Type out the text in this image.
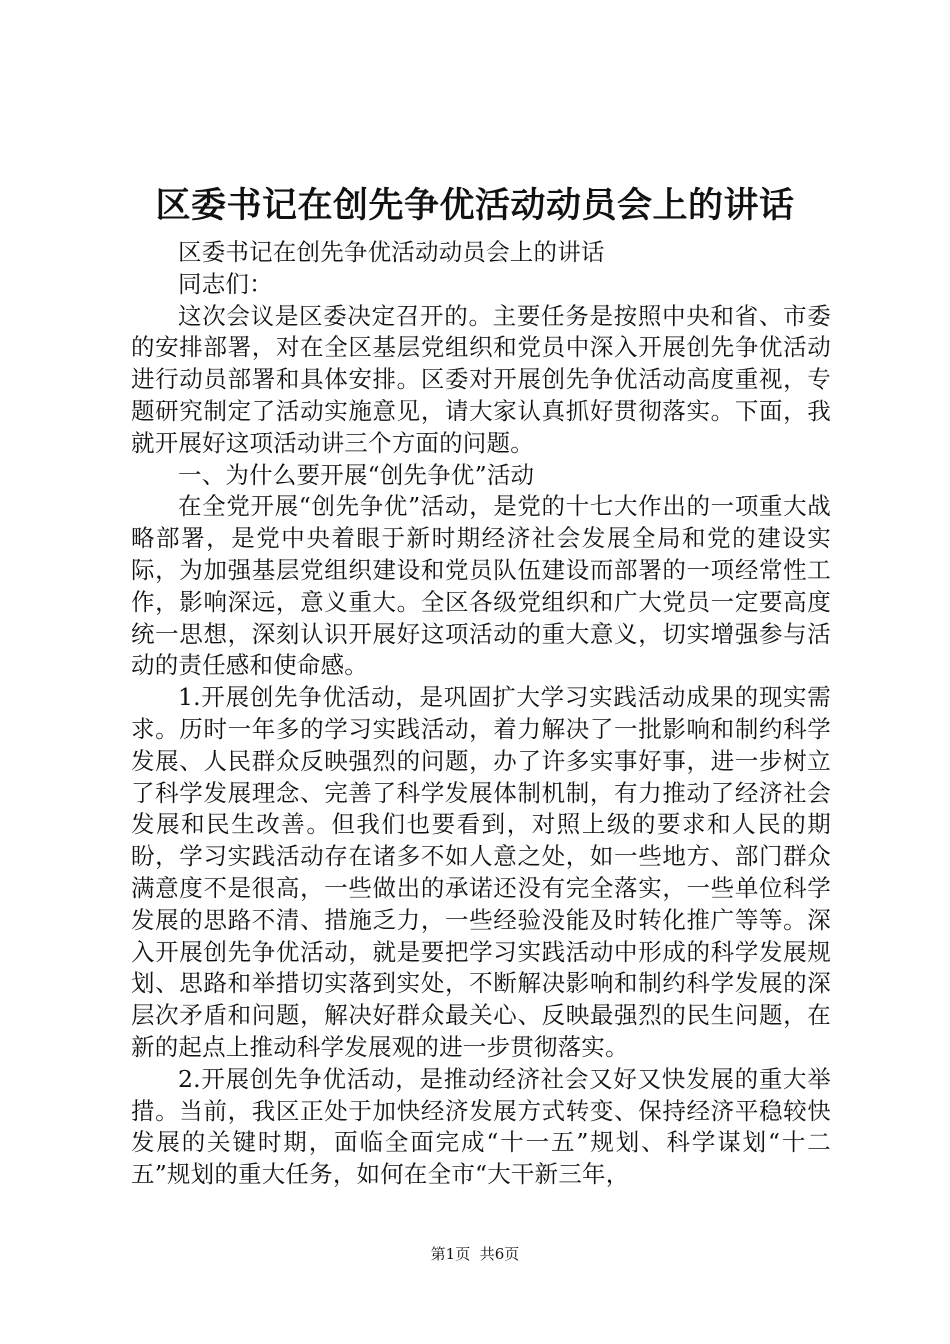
区委书记在创先争优活动动员会上的讲话

区委书记在创先争优活动动员会上的讲话

同志们：

这次会议是区委决定召开的。主要任务是按照中央和省、市委的安排部署，对在全区基层党组织和党员中深入开展创先争优活动进行动员部署和具体安排。区委对开展创先争优活动高度重视，专题研究制定了活动实施意见，请大家认真抓好贯彻落实。下面，我就开展好这项活动讲三个方面的问题。

一、为什么要开展“创先争优”活动

在全党开展“创先争优”活动，是党的十七大作出的一项重大战略部署，是党中央着眼于新时期经济社会发展全局和党的建设实际，为加强基层党组织建设和党员队伍建设而部署的一项经常性工作，影响深远，意义重大。全区各级党组织和广大党员一定要高度统一思想，深刻认识开展好这项活动的重大意义，切实增强参与活动的责任感和使命感。

1.开展创先争优活动，是巩固扩大学习实践活动成果的现实需求。历时一年多的学习实践活动，着力解决了一批影响和制约科学发展、人民群众反映强烈的问题，办了许多实事好事，进一步树立了科学发展理念、完善了科学发展体制机制，有力推动了经济社会发展和民生改善。但我们也要看到，对照上级的要求和人民的期盼，学习实践活动存在诸多不如人意之处，如一些地方、部门群众满意度不是很高，一些做出的承诺还没有完全落实，一些单位科学发展的思路不清、措施乏力，一些经验没能及时转化推广等等。深入开展创先争优活动，就是要把学习实践活动中形成的科学发展规划、思路和举措切实落到实处，不断解决影响和制约科学发展的深层次矛盾和问题，解决好群众最关心、反映最强烈的民生问题，在新的起点上推动科学发展观的进一步贯彻落实。

2.开展创先争优活动，是推动经济社会又好又快发展的重大举措。当前，我区正处于加快经济发展方式转变、保持经济平稳较快发展的关键时期，面临全面完成“十一五”规划、科学谋划“十二五”规划的重大任务，如何在全市“大干新三年，

第1页 共6页
